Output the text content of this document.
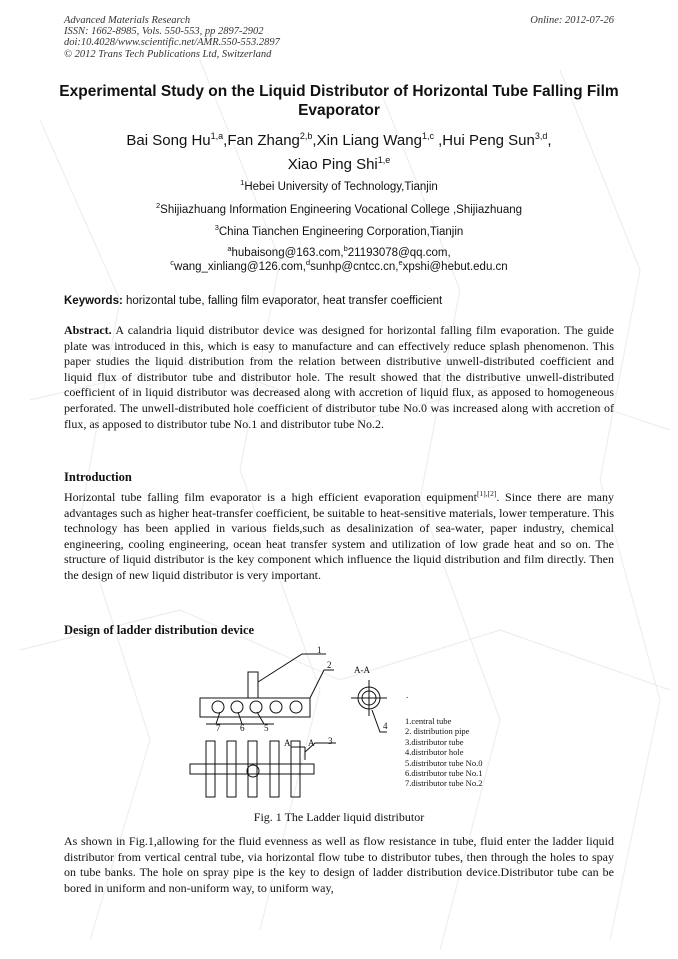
Advanced Materials Research
ISSN: 1662-8985, Vols. 550-553, pp 2897-2902
doi:10.4028/www.scientific.net/AMR.550-553.2897
© 2012 Trans Tech Publications Ltd, Switzerland
Online: 2012-07-26
Experimental Study on the Liquid Distributor of Horizontal Tube Falling Film Evaporator
Bai Song Hu$^{1,a}$,Fan Zhang$^{2,b}$,Xin Liang Wang$^{1,c}$ ,Hui Peng Sun$^{3,d}$,
Xiao Ping Shi$^{1,e}$
$^1$Hebei University of Technology,Tianjin
$^2$Shijiazhuang Information Engineering Vocational College ,Shijiazhuang
$^3$China Tianchen Engineering Corporation,Tianjin
$^a$hubaisong@163.com,$^b$21193078@qq.com,
$^c$wang_xinliang@126.com,$^d$sunhp@cntcc.cn,$^e$xpshi@hebut.edu.cn
Keywords: horizontal tube, falling film evaporator, heat transfer coefficient
Abstract. A calandria liquid distributor device was designed for horizontal falling film evaporation. The guide plate was introduced in this, which is easy to manufacture and can effectively reduce splash phenomenon. This paper studies the liquid distribution from the relation between distributive unwell-distributed coefficient and liquid flux of distributor tube and distributor hole. The result showed that the distributive unwell-distributed coefficient of in liquid distributor was decreased along with accretion of liquid flux, as apposed to homogeneous perforated. The unwell-distributed hole coefficient of distributor tube No.0 was increased along with accretion of flux, as apposed to distributor tube No.1 and distributor tube No.2.
Introduction
Horizontal tube falling film evaporator is a high efficient evaporation equipment[1],[2]. Since there are many advantages such as higher heat-transfer coefficient, be suitable to heat-sensitive materials, lower temperature. This technology has been applied in various fields,such as desalinization of sea-water, paper industry, chemical engineering, cooling engineering, ocean heat transfer system and utilization of low grade heat and so on. The structure of liquid distributor is the key component which influence the liquid distribution and film directly. Then the design of new liquid distributor is very important.
Design of ladder distribution device
1
2
4
5
6
7
3
A A
A-A
.
1.central tube
2. distribution pipe
3.distributor tube
4.distributor hole
5.distributor tube No.0
6.distributor tube No.1
7.distributor tube No.2
Fig. 1 The Ladder liquid distributor
As shown in Fig.1,allowing for the fluid evenness as well as flow resistance in tube, fluid enter the ladder liquid distributor from vertical central tube, via horizontal flow tube to distributor tubes, then through the holes to spay on tube banks. The hole on spray pipe is the key to design of ladder distribution device.Distributor tube can be bored in uniform and non-uniform way, to uniform way,
